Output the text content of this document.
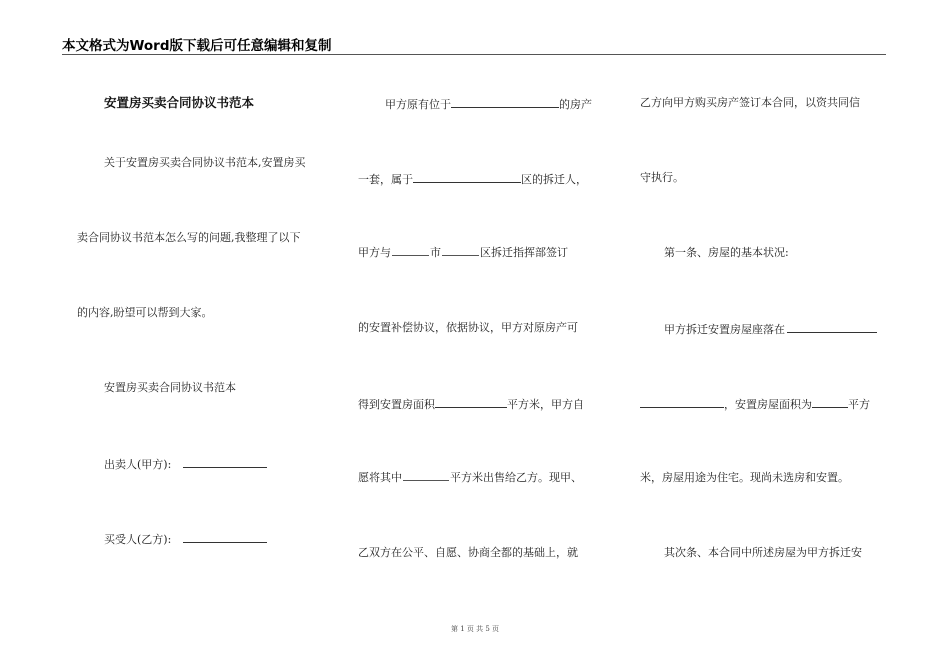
本文格式为Word版下载后可任意编辑和复制
安置房买卖合同协议书范本
关于安置房买卖合同协议书范本,安置房买
卖合同协议书范本怎么写的问题,我整理了以下
的内容,盼望可以帮到大家。
安置房买卖合同协议书范本
出卖人(甲方):
买受人(乙方):
甲方原有位于	的房产
一套，属于	区的拆迁人，
甲方与	市	区拆迁指挥部签订
的安置补偿协议，依据协议，甲方对原房产可
得到安置房面积	平方米，甲方自
愿将其中	平方米出售给乙方。现甲、
乙双方在公平、自愿、协商全都的基础上，就
乙方向甲方购买房产签订本合同，以资共同信
守执行。
第一条、房屋的基本状况:
甲方拆迁安置房屋座落在
，安置房屋面积为	平方
米，房屋用途为住宅。现尚未选房和安置。
其次条、本合同中所述房屋为甲方拆迁安
第 1 页 共 5 页
